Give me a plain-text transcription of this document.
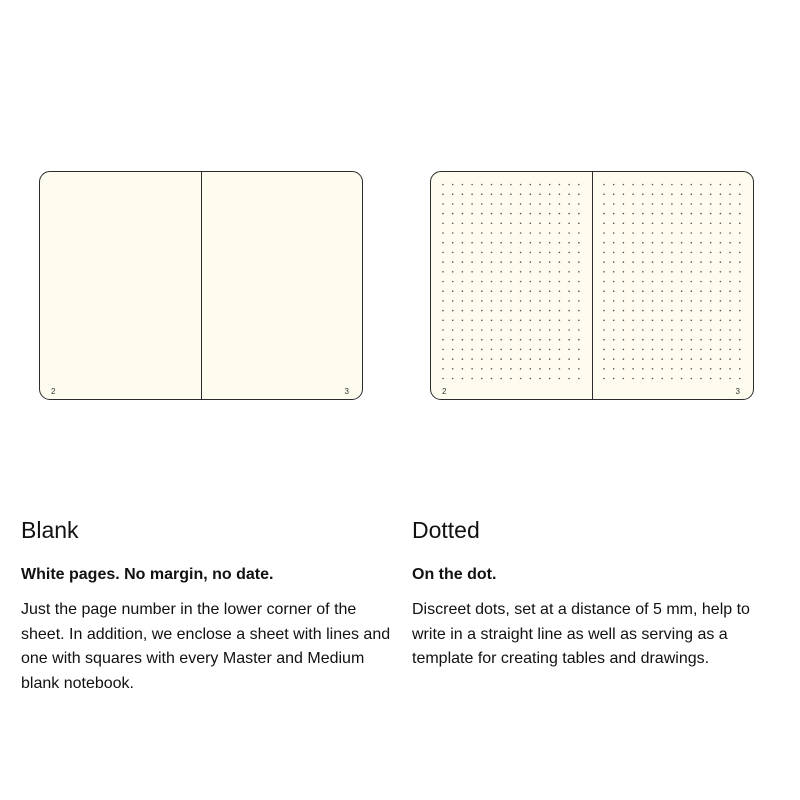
2	3	2	3
Blank
White pages. No margin, no date.

Just the page number in the lower corner of the sheet. In addition, we enclose a sheet with lines and one with squares with every Master and Medium blank notebook.

Dotted
On the dot.

Discreet dots, set at a distance of 5 mm, help to write in a straight line as well as serving as a template for creating tables and drawings.
